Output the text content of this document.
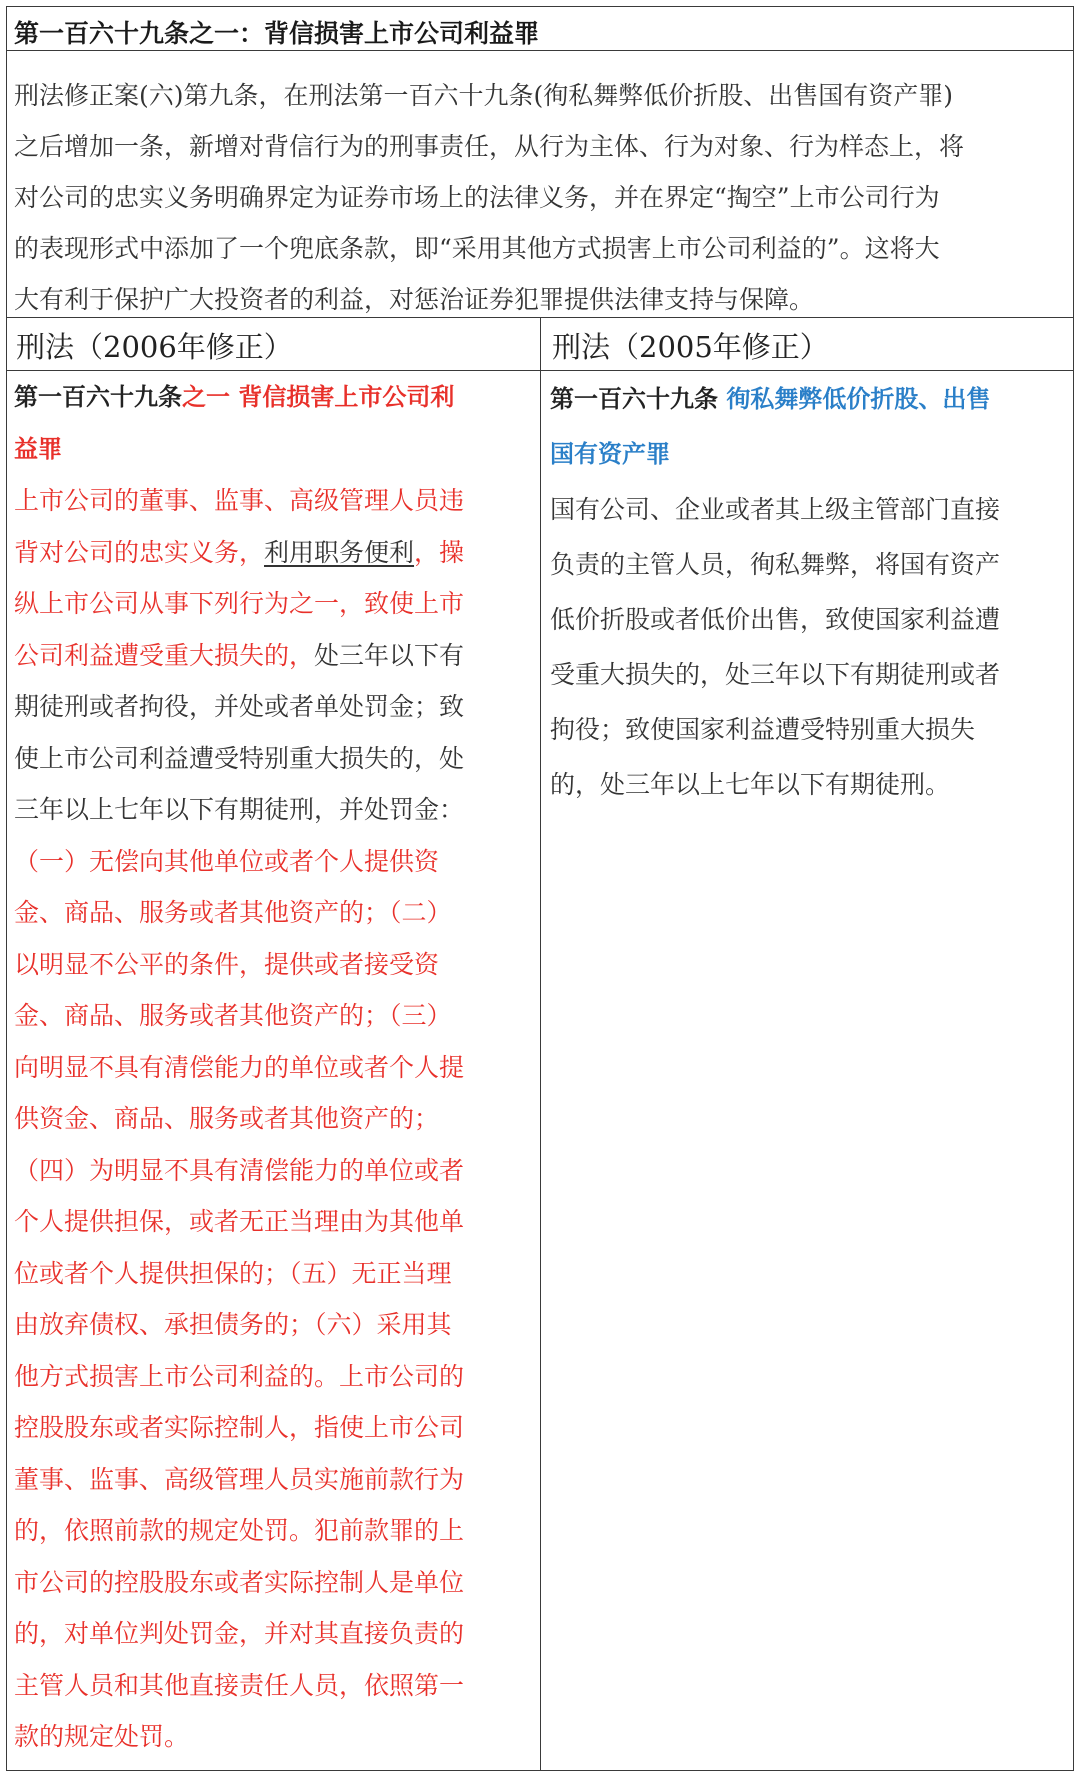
第一百六十九条之一：背信损害上市公司利益罪
刑法修正案(六)第九条，在刑法第一百六十九条(徇私舞弊低价折股、出售国有资产罪)
之后增加一条，新增对背信行为的刑事责任，从行为主体、行为对象、行为样态上，将
对公司的忠实义务明确界定为证券市场上的法律义务，并在界定“掏空”上市公司行为
的表现形式中添加了一个兜底条款，即“采用其他方式损害上市公司利益的”。这将大
大有利于保护广大投资者的利益，对惩治证券犯罪提供法律支持与保障。
刑法（2006年修正）	刑法（2005年修正）
第一百六十九条之一 背信损害上市公司利
益罪
上市公司的董事、监事、高级管理人员违
背对公司的忠实义务，利用职务便利，操
纵上市公司从事下列行为之一，致使上市
公司利益遭受重大损失的，处三年以下有
期徒刑或者拘役，并处或者单处罚金；致
使上市公司利益遭受特别重大损失的，处
三年以上七年以下有期徒刑，并处罚金：
（一）无偿向其他单位或者个人提供资
金、商品、服务或者其他资产的；（二）
以明显不公平的条件，提供或者接受资
金、商品、服务或者其他资产的；（三）
向明显不具有清偿能力的单位或者个人提
供资金、商品、服务或者其他资产的；
（四）为明显不具有清偿能力的单位或者
个人提供担保，或者无正当理由为其他单
位或者个人提供担保的；（五）无正当理
由放弃债权、承担债务的；（六）采用其
他方式损害上市公司利益的。上市公司的
控股股东或者实际控制人，指使上市公司
董事、监事、高级管理人员实施前款行为
的，依照前款的规定处罚。犯前款罪的上
市公司的控股股东或者实际控制人是单位
的，对单位判处罚金，并对其直接负责的
主管人员和其他直接责任人员，依照第一
款的规定处罚。
第一百六十九条 徇私舞弊低价折股、出售
国有资产罪
国有公司、企业或者其上级主管部门直接
负责的主管人员，徇私舞弊，将国有资产
低价折股或者低价出售，致使国家利益遭
受重大损失的，处三年以下有期徒刑或者
拘役；致使国家利益遭受特别重大损失
的，处三年以上七年以下有期徒刑。
